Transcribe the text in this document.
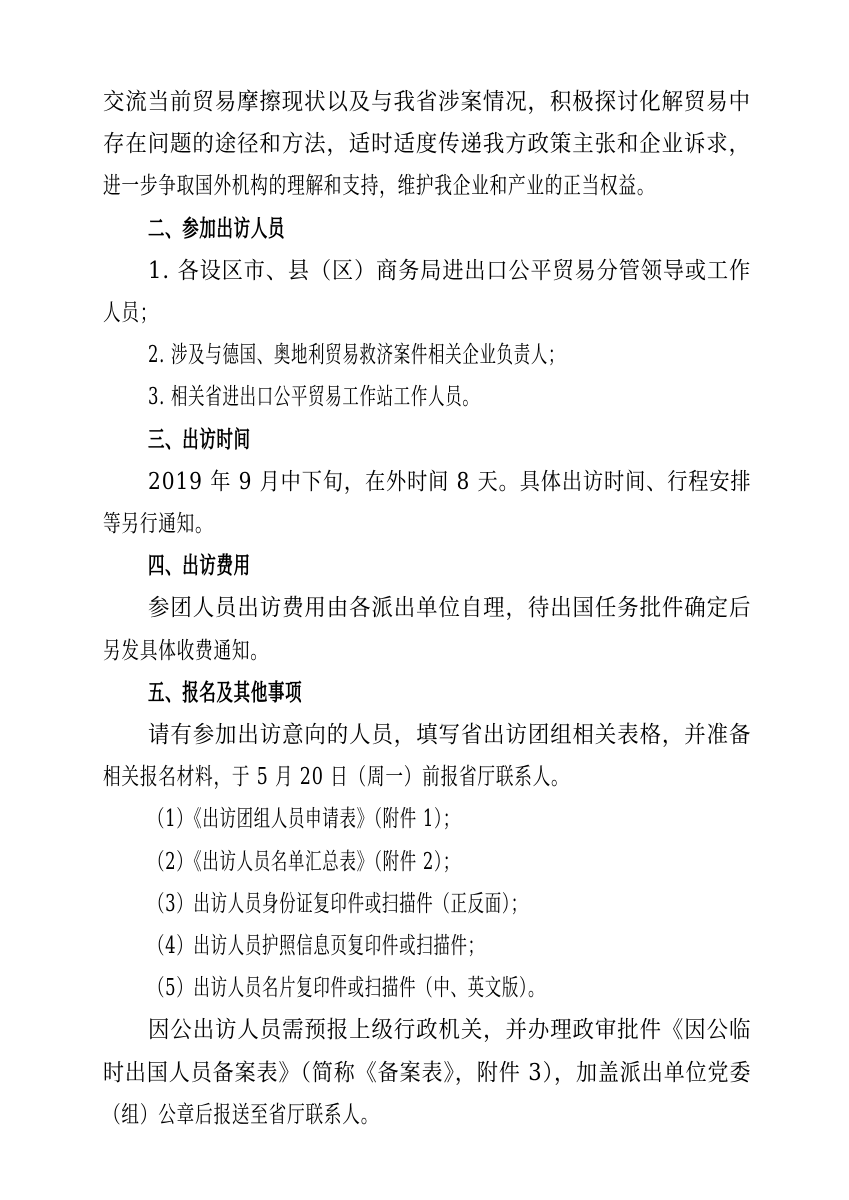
交流当前贸易摩擦现状以及与我省涉案情况，积极探讨化解贸易中
存在问题的途径和方法，适时适度传递我方政策主张和企业诉求，
进一步争取国外机构的理解和支持，维护我企业和产业的正当权益。
二、参加出访人员
1. 各设区市、县（区）商务局进出口公平贸易分管领导或工作
人员；
2. 涉及与德国、奥地利贸易救济案件相关企业负责人；
3. 相关省进出口公平贸易工作站工作人员。
三、出访时间
2019 年 9 月中下旬，在外时间 8 天。具体出访时间、行程安排
等另行通知。
四、出访费用
参团人员出访费用由各派出单位自理，待出国任务批件确定后
另发具体收费通知。
五、报名及其他事项
请有参加出访意向的人员，填写省出访团组相关表格，并准备
相关报名材料，于 5 月 20 日（周一）前报省厅联系人。
（1）《出访团组人员申请表》（附件 1）；
（2）《出访人员名单汇总表》（附件 2）；
（3）出访人员身份证复印件或扫描件（正反面）；
（4）出访人员护照信息页复印件或扫描件；
（5）出访人员名片复印件或扫描件（中、英文版）。
因公出访人员需预报上级行政机关，并办理政审批件《因公临
时出国人员备案表》（简称《备案表》，附件 3），加盖派出单位党委
（组）公章后报送至省厅联系人。
